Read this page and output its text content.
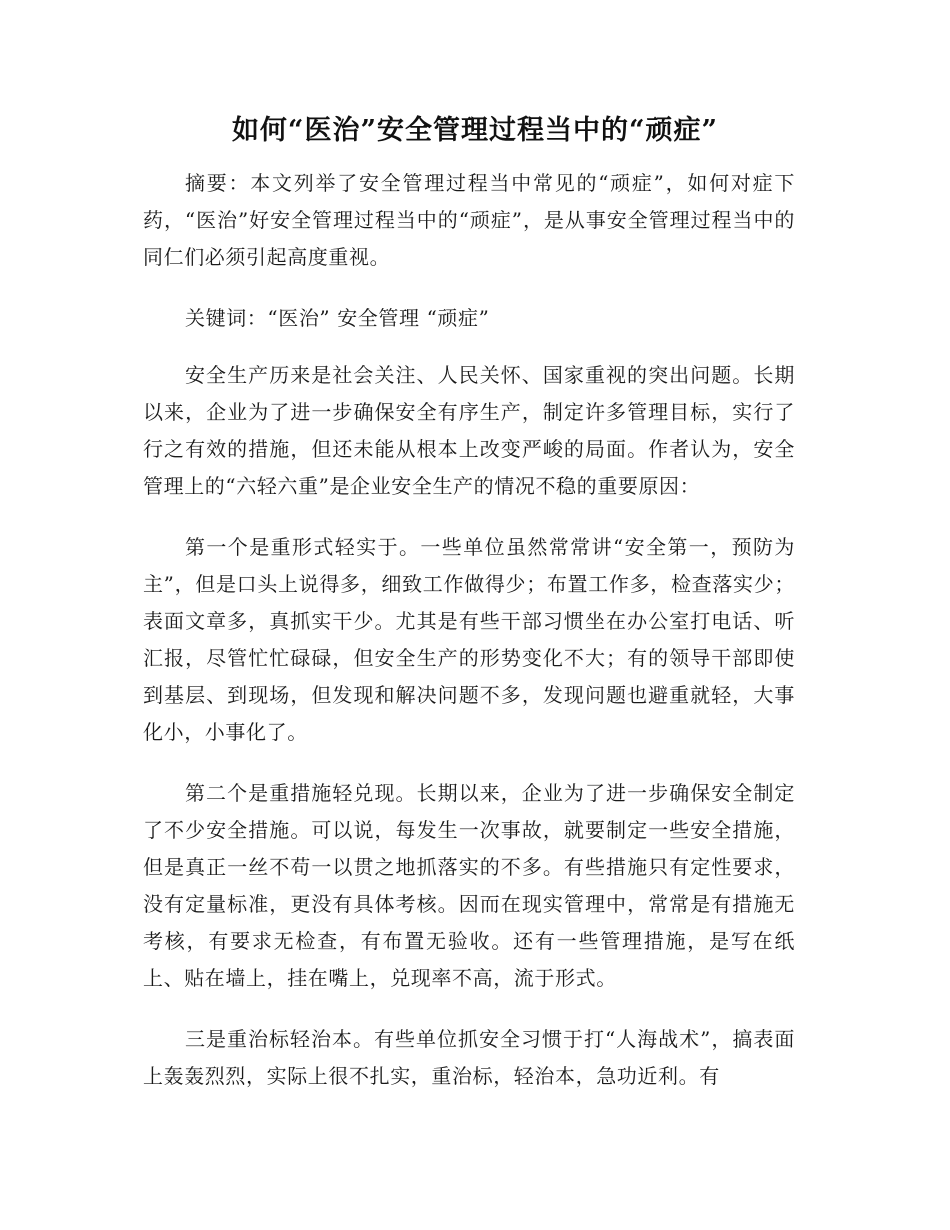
如何“医治”安全管理过程当中的“顽症”

摘要：本文列举了安全管理过程当中常见的“顽症”，如何对症下药，“医治”好安全管理过程当中的“顽症”，是从事安全管理过程当中的同仁们必须引起高度重视。

关键词：“医治” 安全管理 “顽症”

安全生产历来是社会关注、人民关怀、国家重视的突出问题。长期以来，企业为了进一步确保安全有序生产，制定许多管理目标，实行了行之有效的措施，但还未能从根本上改变严峻的局面。作者认为，安全管理上的“六轻六重”是企业安全生产的情况不稳的重要原因：

第一个是重形式轻实于。一些单位虽然常常讲“安全第一，预防为主”，但是口头上说得多，细致工作做得少；布置工作多，检查落实少；表面文章多，真抓实干少。尤其是有些干部习惯坐在办公室打电话、听汇报，尽管忙忙碌碌，但安全生产的形势变化不大；有的领导干部即使到基层、到现场，但发现和解决问题不多，发现问题也避重就轻，大事化小，小事化了。

第二个是重措施轻兑现。长期以来，企业为了进一步确保安全制定了不少安全措施。可以说，每发生一次事故，就要制定一些安全措施，但是真正一丝不苟一以贯之地抓落实的不多。有些措施只有定性要求，没有定量标准，更没有具体考核。因而在现实管理中，常常是有措施无考核，有要求无检查，有布置无验收。还有一些管理措施，是写在纸上、贴在墙上，挂在嘴上，兑现率不高，流于形式。

三是重治标轻治本。有些单位抓安全习惯于打“人海战术”，搞表面上轰轰烈烈，实际上很不扎实，重治标，轻治本，急功近利。有
